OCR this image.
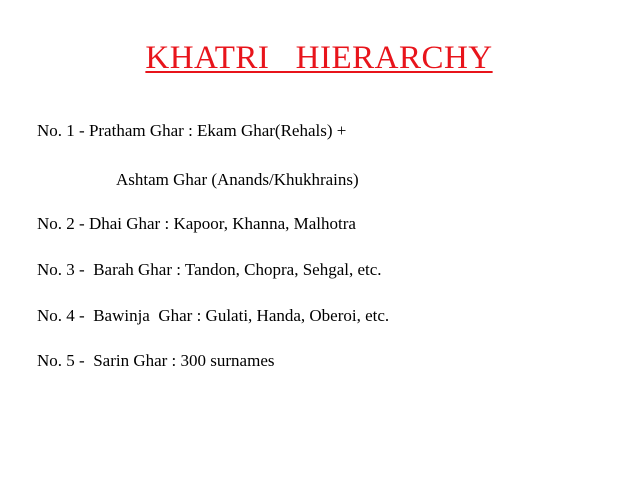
KHATRI   HIERARCHY
No. 1 - Pratham Ghar : Ekam Ghar(Rehals) +
Ashtam Ghar (Anands/Khukhrains)
No. 2 - Dhai Ghar : Kapoor, Khanna, Malhotra
No. 3 -  Barah Ghar : Tandon, Chopra, Sehgal, etc.
No. 4 -  Bawinja  Ghar : Gulati, Handa, Oberoi, etc.
No. 5 -  Sarin Ghar : 300 surnames
